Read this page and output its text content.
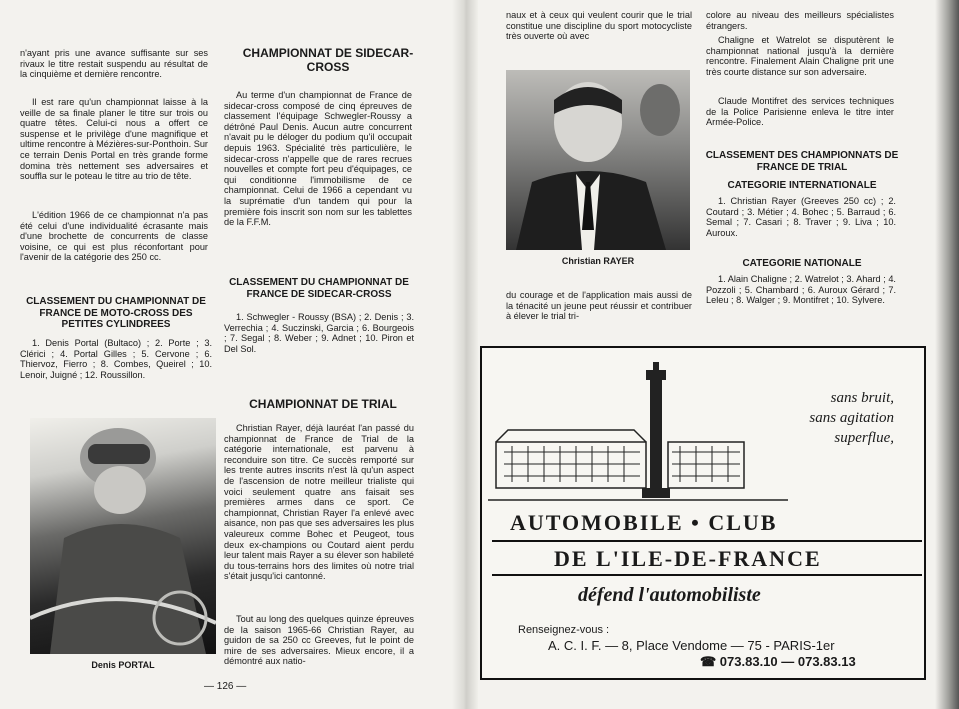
n'ayant pris une avance suffisante sur ses rivaux le titre restait suspendu au résultat de la cinquième et dernière rencontre.

Il est rare qu'un championnat laisse à la veille de sa finale planer le titre sur trois ou quatre têtes. Celui-ci nous a offert ce suspense et le privilège d'une magnifique et ultime rencontre à Mézières-sur-Ponthoin. Sur ce terrain Denis Portal en très grande forme domina très nettement ses adversaires et souffla sur le poteau le titre au trio de tête.

L'édition 1966 de ce championnat n'a pas été celui d'une individualité écrasante mais d'une brochette de concurrents de classe voisine, ce qui est plus réconfortant pour l'avenir de la catégorie des 250 cc.

CLASSEMENT DU CHAMPIONNAT DE FRANCE DE MOTO-CROSS DES PETITES CYLINDREES

1. Denis Portal (Bultaco) ; 2. Porte ; 3. Clérici ; 4. Portal Gilles ; 5. Cervone ; 6. Thiervoz, Fierro ; 8. Combes, Queirel ; 10. Lenoir, Juigné ; 12. Roussillon.

Denis PORTAL

CHAMPIONNAT DE SIDECAR-CROSS

Au terme d'un championnat de France de sidecar-cross composé de cinq épreuves de classement l'équipage Schwegler-Roussy a détrôné Paul Denis. Aucun autre concurrent n'avait pu le déloger du podium qu'il occupait depuis 1963. Spécialité très particulière, le sidecar-cross n'appelle que de rares recrues nouvelles et compte fort peu d'équipages, ce qui conditionne l'immobilisme de ce championnat. Celui de 1966 a cependant vu la suprématie d'un tandem qui pour la première fois inscrit son nom sur les tablettes de la F.F.M.

CLASSEMENT DU CHAMPIONNAT DE FRANCE DE SIDECAR-CROSS

1. Schwegler - Roussy (BSA) ; 2. Denis ; 3. Verrechia ; 4. Suczinski, Garcia ; 6. Bourgeois ; 7. Segal ; 8. Weber ; 9. Adnet ; 10. Piron et Del Sol.

CHAMPIONNAT DE TRIAL

Christian Rayer, déjà lauréat l'an passé du championnat de France de Trial de la catégorie internationale, est parvenu à reconduire son titre. Ce succès remporté sur les trente autres inscrits n'est là qu'un aspect de l'ascension de notre meilleur trialiste qui voici seulement quatre ans faisait ses premières armes dans ce sport. Ce championnat, Christian Rayer l'a enlevé avec aisance, non pas que ses adversaires les plus valeureux comme Bohec et Peugeot, tous deux ex-champions ou Coutard aient perdu leur talent mais Rayer a su élever son habileté du tous-terrains hors des limites où notre trial s'était jusqu'ici cantonné.

Tout au long des quelques quinze épreuves de la saison 1965-66 Christian Rayer, au guidon de sa 250 cc Greeves, fut le point de mire de ses adversaires. Mieux encore, il a démontré aux natio-

— 126 —

naux et à ceux qui veulent courir que le trial constitue une discipline du sport motocycliste très ouverte où avec

Christian RAYER

du courage et de l'application mais aussi de la ténacité un jeune peut réussir et contribuer à élever le trial tri-

colore au niveau des meilleurs spécialistes étrangers.

Chaligne et Watrelot se disputèrent le championnat national jusqu'à la dernière rencontre. Finalement Alain Chaligne prit une très courte distance sur son adversaire.

Claude Montifret des services techniques de la Police Parisienne enleva le titre inter Armée-Police.

CLASSEMENT DES CHAMPIONNATS DE FRANCE DE TRIAL

CATEGORIE INTERNATIONALE

1. Christian Rayer (Greeves 250 cc) ; 2. Coutard ; 3. Métier ; 4. Bohec ; 5. Barraud ; 6. Semal ; 7. Casari ; 8. Traver ; 9. Liva ; 10. Auroux.

CATEGORIE NATIONALE

1. Alain Chaligne ; 2. Watrelot ; 3. Ahard ; 4. Pozzoli ; 5. Chambard ; 6. Auroux Gérard ; 7. Leleu ; 8. Walger ; 9. Montifret ; 10. Sylvere.

sans bruit,
sans agitation
superflue,
AUTOMOBILE • CLUB
DE L'ILE-DE-FRANCE
défend l'automobiliste
Renseignez-vous :
A. C. I. F. — 8, Place Vendome — 75 - PARIS-1er
☎ 073.83.10 — 073.83.13
